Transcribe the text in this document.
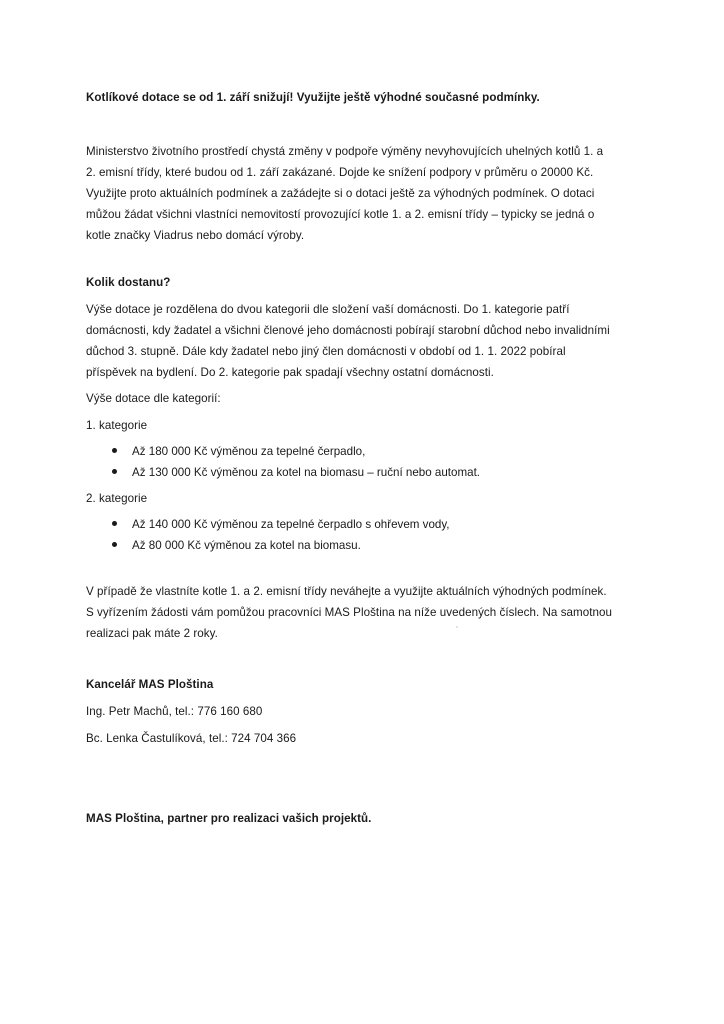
Kotlíkové dotace se od 1. září snižují! Využijte ještě výhodné současné podmínky.
Ministerstvo životního prostředí chystá změny v podpoře výměny nevyhovujících uhelných kotlů 1. a
2. emisní třídy, které budou od 1. září zakázané. Dojde ke snížení podpory v průměru o 20000 Kč.
Využijte proto aktuálních podmínek a zažádejte si o dotaci ještě za výhodných podmínek. O dotaci
můžou žádat všichni vlastníci nemovitostí provozující kotle 1. a 2. emisní třídy – typicky se jedná o
kotle značky Viadrus nebo domácí výroby.
Kolik dostanu?
Výše dotace je rozdělena do dvou kategorii dle složení vaší domácnosti. Do 1. kategorie patří
domácnosti, kdy žadatel a všichni členové jeho domácnosti pobírají starobní důchod nebo invalidními
důchod 3. stupně. Dále kdy žadatel nebo jiný člen domácnosti v období od 1. 1. 2022 pobíral
příspěvek na bydlení. Do 2. kategorie pak spadají všechny ostatní domácnosti.
Výše dotace dle kategorií:
1. kategorie
Až 180 000 Kč výměnou za tepelné čerpadlo,
Až 130 000 Kč výměnou za kotel na biomasu – ruční nebo automat.
2. kategorie
Až 140 000 Kč výměnou za tepelné čerpadlo s ohřevem vody,
Až 80 000 Kč výměnou za kotel na biomasu.
V případě že vlastníte kotle 1. a 2. emisní třídy neváhejte a využijte aktuálních výhodných podmínek.
S vyřízením žádosti vám pomůžou pracovníci MAS Ploština na níže uvedených číslech. Na samotnou
realizaci pak máte 2 roky.
Kancelář MAS Ploština
Ing. Petr Machů, tel.: 776 160 680
Bc. Lenka Častulíková, tel.: 724 704 366
MAS Ploština, partner pro realizaci vašich projektů.
